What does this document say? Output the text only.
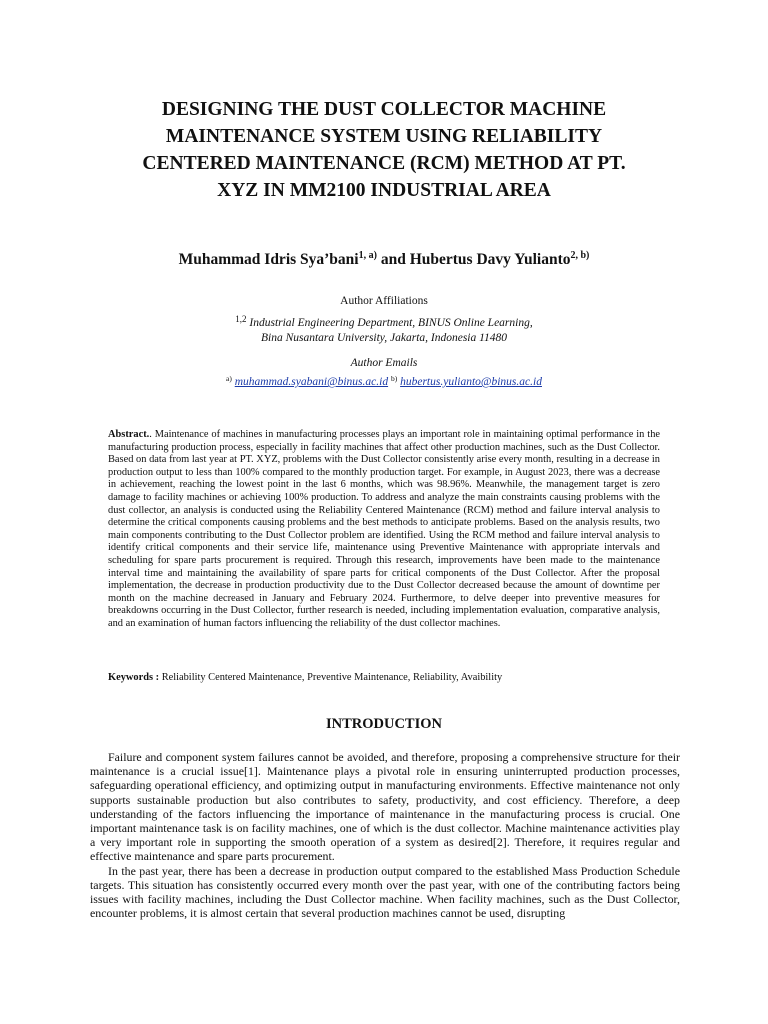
DESIGNING THE DUST COLLECTOR MACHINE
MAINTENANCE SYSTEM USING RELIABILITY
CENTERED MAINTENANCE (RCM) METHOD AT PT.
XYZ IN MM2100 INDUSTRIAL AREA
Muhammad Idris Sya’bani$^{1, a)}$ and Hubertus Davy Yulianto$^{2, b)}$
Author Affiliations
$^{1,2}$ Industrial Engineering Department, BINUS Online Learning,
Bina Nusantara University, Jakarta, Indonesia 11480
Author Emails
$^{a)}$ muhammad.syabani@binus.ac.id $^{b)}$ hubertus.yulianto@binus.ac.id
Abstract.. Maintenance of machines in manufacturing processes plays an important role in maintaining optimal performance in the manufacturing production process, especially in facility machines that affect other production machines, such as the Dust Collector. Based on data from last year at PT. XYZ, problems with the Dust Collector consistently arise every month, resulting in a decrease in production output to less than 100% compared to the monthly production target. For example, in August 2023, there was a decrease in achievement, reaching the lowest point in the last 6 months, which was 98.96%. Meanwhile, the management target is zero damage to facility machines or achieving 100% production. To address and analyze the main constraints causing problems with the dust collector, an analysis is conducted using the Reliability Centered Maintenance (RCM) method and failure interval analysis to determine the critical components causing problems and the best methods to anticipate problems. Based on the analysis results, two main components contributing to the Dust Collector problem are identified. Using the RCM method and failure interval analysis to identify critical components and their service life, maintenance using Preventive Maintenance with appropriate intervals and scheduling for spare parts procurement is required. Through this research, improvements have been made to the maintenance interval time and maintaining the availability of spare parts for critical components of the Dust Collector. After the proposal implementation, the decrease in production productivity due to the Dust Collector decreased because the amount of downtime per month on the machine decreased in January and February 2024. Furthermore, to delve deeper into preventive measures for breakdowns occurring in the Dust Collector, further research is needed, including implementation evaluation, comparative analysis, and an examination of human factors influencing the reliability of the dust collector machines.
Keywords : Reliability Centered Maintenance, Preventive Maintenance, Reliability, Avaibility
INTRODUCTION

Failure and component system failures cannot be avoided, and therefore, proposing a comprehensive structure for their maintenance is a crucial issue[1]. Maintenance plays a pivotal role in ensuring uninterrupted production processes, safeguarding operational efficiency, and optimizing output in manufacturing environments. Effective maintenance not only supports sustainable production but also contributes to safety, productivity, and cost efficiency. Therefore, a deep understanding of the factors influencing the importance of maintenance in the manufacturing process is crucial. One important maintenance task is on facility machines, one of which is the dust collector. Machine maintenance activities play a very important role in supporting the smooth operation of a system as desired[2]. Therefore, it requires regular and effective maintenance and spare parts procurement.

In the past year, there has been a decrease in production output compared to the established Mass Production Schedule targets. This situation has consistently occurred every month over the past year, with one of the contributing factors being issues with facility machines, including the Dust Collector machine. When facility machines, such as the Dust Collector, encounter problems, it is almost certain that several production machines cannot be used, disrupting
